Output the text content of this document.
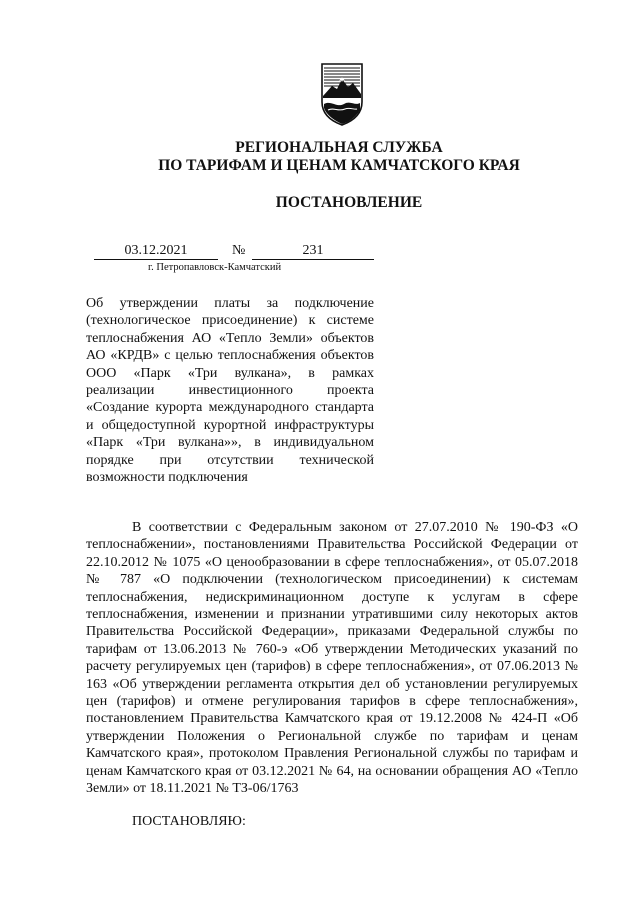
РЕГИОНАЛЬНАЯ СЛУЖБА
ПО ТАРИФАМ И ЦЕНАМ КАМЧАТСКОГО КРАЯ
ПОСТАНОВЛЕНИЕ
03.12.2021	№	231
г. Петропавловск-Камчатский
Об утверждении платы за подключение (технологическое присоединение) к системе теплоснабжения АО «Тепло Земли» объектов АО «КРДВ» с целью теплоснабжения объектов ООО «Парк «Три вулкана», в рамках реализации инвестиционного проекта «Создание курорта международного стандарта и общедоступной курортной инфраструктуры «Парк «Три вулкана»», в индивидуальном порядке при отсутствии технической возможности подключения
В соответствии с Федеральным законом от 27.07.2010 № 190-ФЗ «О теплоснабжении», постановлениями Правительства Российской Федерации от 22.10.2012 № 1075 «О ценообразовании в сфере теплоснабжения», от 05.07.2018 № 787 «О подключении (технологическом присоединении) к системам теплоснабжения, недискриминационном доступе к услугам в сфере теплоснабжения, изменении и признании утратившими силу некоторых актов Правительства Российской Федерации», приказами Федеральной службы по тарифам от 13.06.2013 № 760-э «Об утверждении Методических указаний по расчету регулируемых цен (тарифов) в сфере теплоснабжения», от 07.06.2013 № 163 «Об утверждении регламента открытия дел об установлении регулируемых цен (тарифов) и отмене регулирования тарифов в сфере теплоснабжения», постановлением Правительства Камчатского края от 19.12.2008 № 424-П «Об утверждении Положения о Региональной службе по тарифам и ценам Камчатского края», протоколом Правления Региональной службы по тарифам и ценам Камчатского края от 03.12.2021 № 64, на основании обращения АО «Тепло Земли» от 18.11.2021 № ТЗ-06/1763
ПОСТАНОВЛЯЮ:
